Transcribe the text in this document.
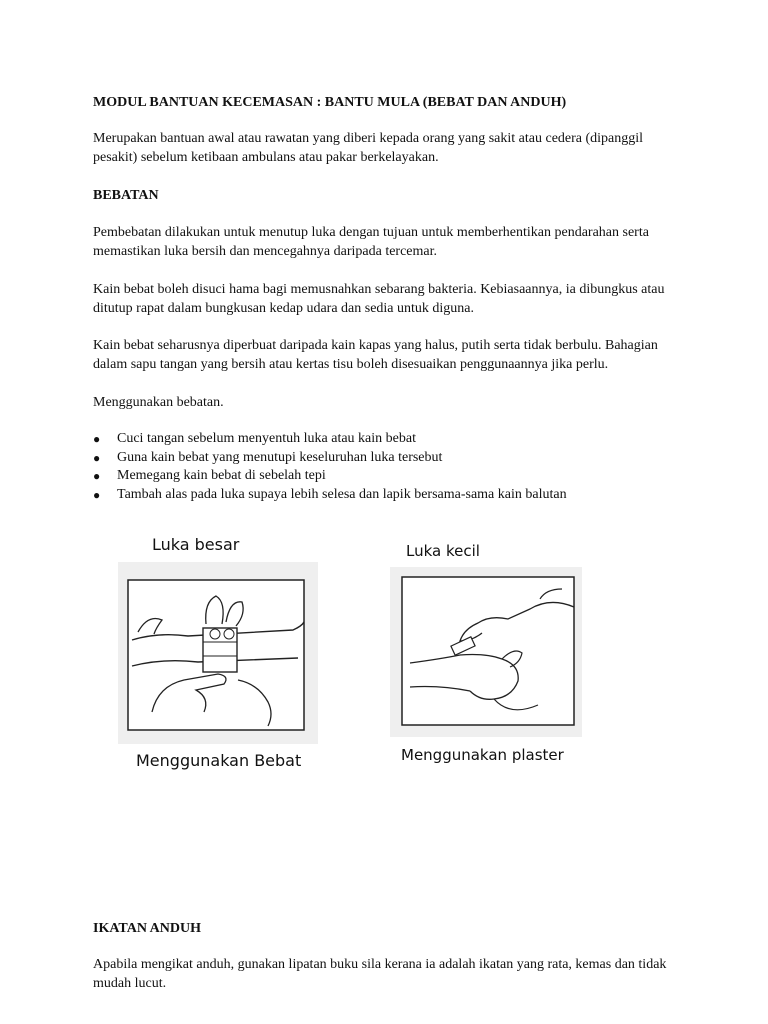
MODUL BANTUAN KECEMASAN : BANTU MULA (BEBAT DAN ANDUH)

Merupakan bantuan awal atau rawatan yang diberi kepada orang yang sakit atau cedera (dipanggil pesakit) sebelum ketibaan ambulans atau pakar berkelayakan.

BEBATAN

Pembebatan dilakukan untuk menutup luka dengan tujuan untuk memberhentikan pendarahan serta memastikan luka bersih dan mencegahnya daripada tercemar.

Kain bebat boleh disuci hama bagi memusnahkan sebarang bakteria. Kebiasaannya, ia dibungkus atau ditutup rapat dalam bungkusan kedap udara dan sedia untuk diguna.

Kain bebat seharusnya diperbuat daripada kain kapas yang halus, putih serta tidak berbulu. Bahagian dalam sapu tangan yang bersih atau kertas tisu boleh disesuaikan penggunaannya jika perlu.

Menggunakan bebatan.

● Cuci tangan sebelum menyentuh luka atau kain bebat
● Guna kain bebat yang menutupi keseluruhan luka tersebut
● Memegang kain bebat di sebelah tepi
● Tambah alas pada luka supaya lebih selesa dan lapik bersama-sama kain balutan
Luka besar
Menggunakan Bebat
Luka kecil
Menggunakan plaster

IKATAN ANDUH

Apabila mengikat anduh, gunakan lipatan buku sila kerana ia adalah ikatan yang rata, kemas dan tidak mudah lucut.
